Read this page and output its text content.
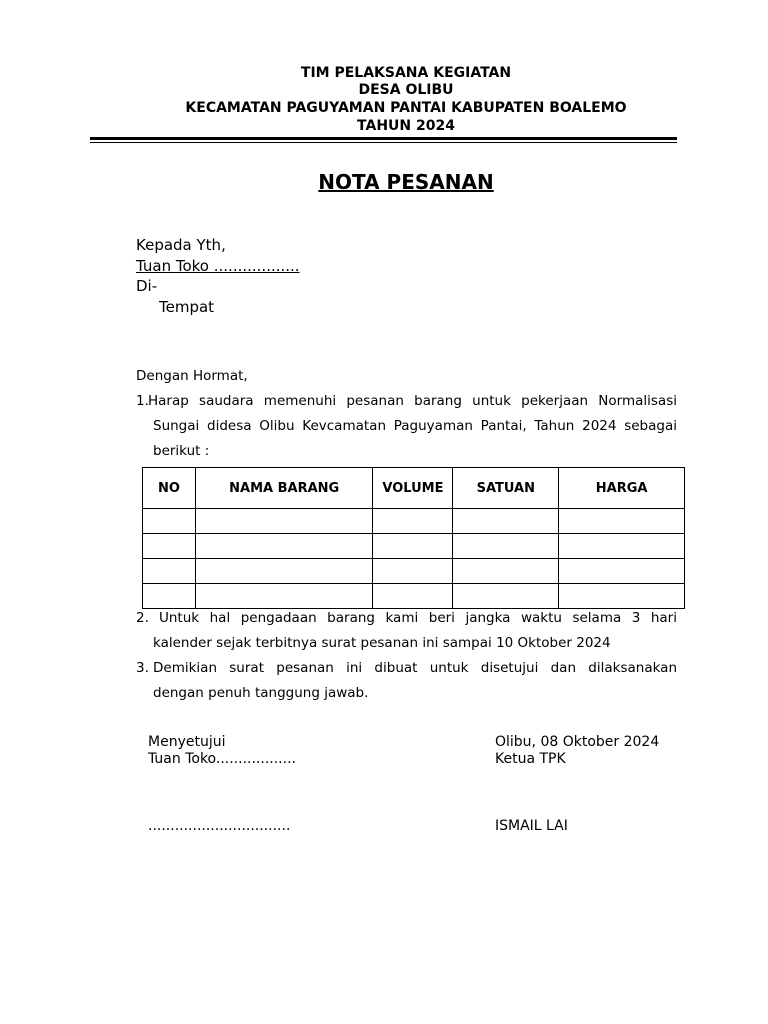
TIM PELAKSANA KEGIATAN
DESA OLIBU
KECAMATAN PAGUYAMAN PANTAI KABUPATEN BOALEMO
TAHUN 2024
NOTA PESANAN
Kepada Yth,
Tuan Toko ..................
Di-
Tempat
Dengan Hormat,
1. Harap saudara memenuhi pesanan barang untuk pekerjaan Normalisasi
Sungai didesa Olibu Kevcamatan Paguyaman Pantai, Tahun 2024 sebagai
berikut :
NO	NAMA BARANG	VOLUME	SATUAN	HARGA

2. Untuk hal pengadaan barang kami beri jangka waktu selama 3 hari
kalender sejak terbitnya surat pesanan ini sampai 10 Oktober 2024
3. Demikian surat pesanan ini dibuat untuk disetujui dan dilaksanakan
dengan penuh tanggung jawab.
Menyetujui
Tuan Toko..................
................................
Olibu, 08 Oktober 2024
Ketua TPK
ISMAIL LAI
